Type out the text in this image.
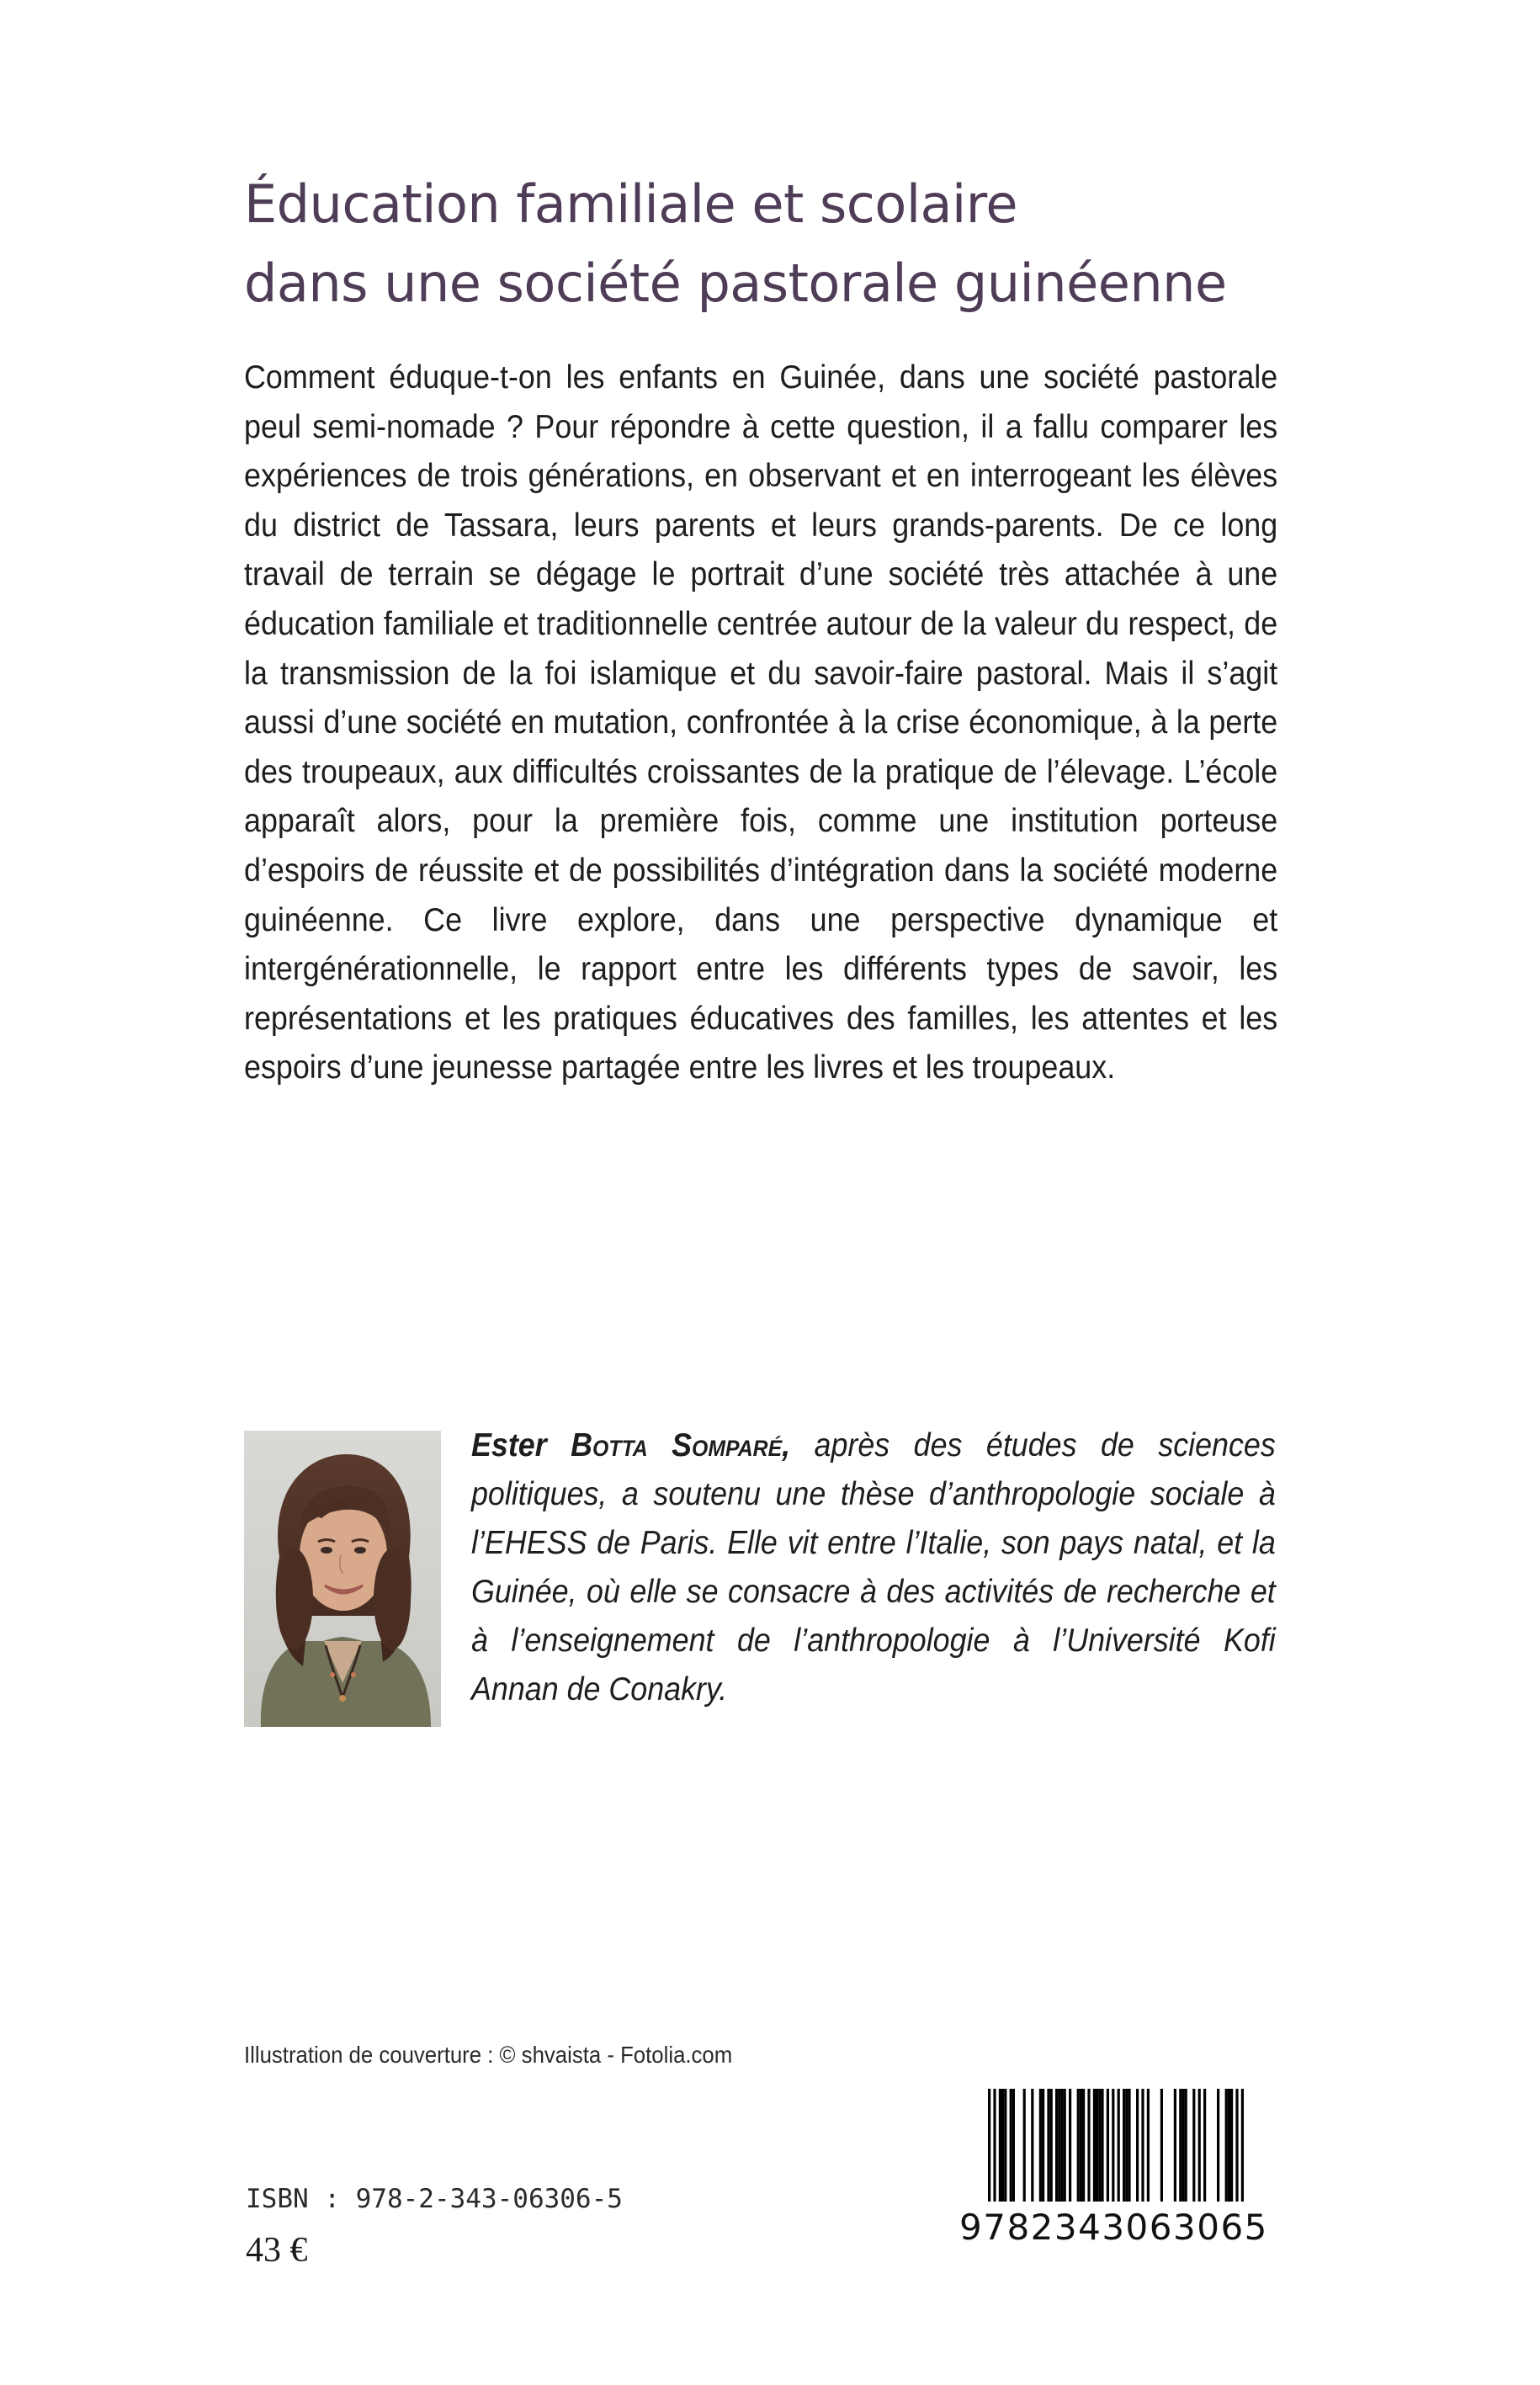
Éducation familiale et scolaire
dans une société pastorale guinéenne

Comment éduque-t-on les enfants en Guinée, dans une société pastorale peul semi-nomade ? Pour répondre à cette question, il a fallu comparer les expériences de trois générations, en observant et en interrogeant les élèves du district de Tassara, leurs parents et leurs grands-parents. De ce long travail de terrain se dégage le portrait d’une société très attachée à une éducation familiale et traditionnelle centrée autour de la valeur du respect, de la transmission de la foi islamique et du savoir-faire pastoral. Mais il s’agit aussi d’une société en mutation, confrontée à la crise économique, à la perte des troupeaux, aux difficultés croissantes de la pratique de l’élevage. L’école apparaît alors, pour la première fois, comme une institution porteuse d’espoirs de réussite et de possibilités d’intégration dans la société moderne guinéenne. Ce livre explore, dans une perspective dynamique et intergénérationnelle, le rapport entre les différents types de savoir, les représentations et les pratiques éducatives des familles, les attentes et les espoirs d’une jeunesse partagée entre les livres et les troupeaux.

Ester Botta Somparé, après des études de sciences politiques, a soutenu une thèse d’anthropologie sociale à l’EHESS de Paris. Elle vit entre l’Italie, son pays natal, et la Guinée, où elle se consacre à des activités de recherche et à l’enseignement de l’anthropologie à l’Université Kofi Annan de Conakry.

Illustration de couverture : © shvaista - Fotolia.com

ISBN : 978-2-343-06306-5

43 €

9782343063065
